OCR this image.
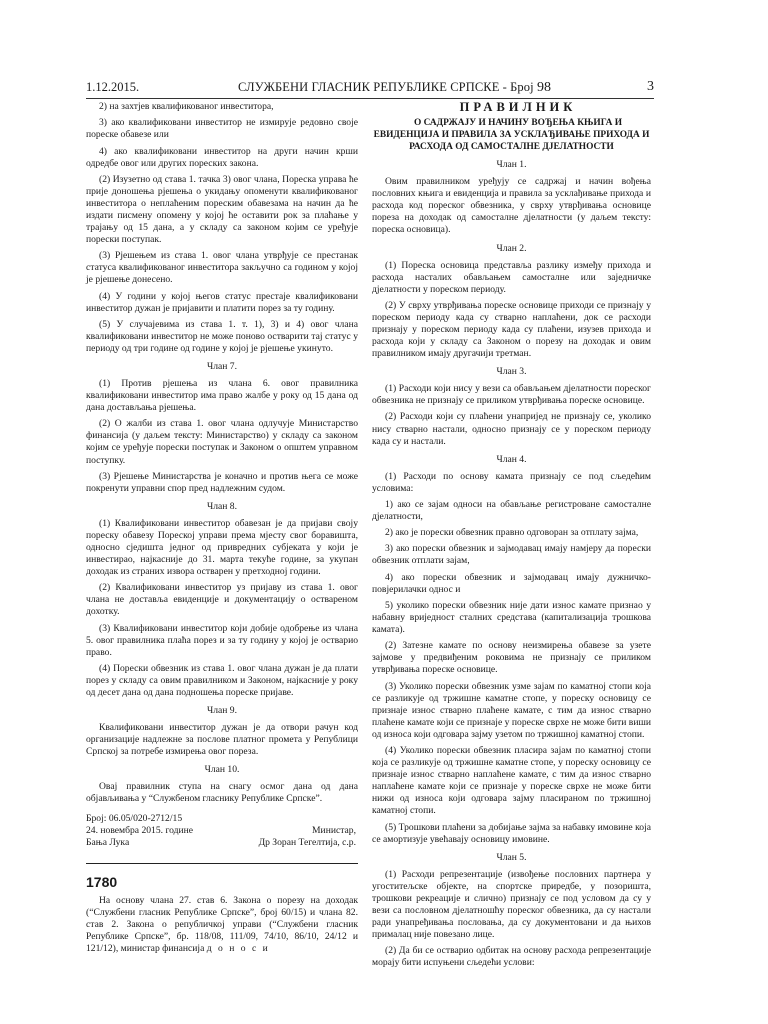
1.12.2015.	СЛУЖБЕНИ ГЛАСНИК РЕПУБЛИКЕ СРПСКЕ - Број 98	3

2) на захтјев квалификованог инвеститора,

3) ако квалификовани инвеститор не измирује редовно своје пореске обавезе или

4) ако квалификовани инвеститор на други начин крши одредбе овог или других пореских закона.

(2) Изузетно од става 1. тачка 3) овог члана, Пореска управа ће прије доношења рјешења о укидању опоменути квалификованог инвеститора о неплаћеним пореским обавезама на начин да ће издати писмену опомену у којој ће оставити рок за плаћање у трајању од 15 дана, а у складу са законом којим се уређује порески поступак.

(3) Рјешењем из става 1. овог члана утврђује се престанак статуса квалификованог инвеститора закључно са годином у којој је рјешење донесено.

(4) У години у којој његов статус престаје квалификовани инвеститор дужан је пријавити и платити порез за ту годину.

(5) У случајевима из става 1. т. 1), 3) и 4) овог члана квалификовани инвеститор не може поново остварити тај статус у периоду од три године од године у којој је рјешење укинуто.

Члан 7.

(1) Против рјешења из члана 6. овог правилника квалификовани инвеститор има право жалбе у року од 15 дана од дана достављања рјешења.

(2) О жалби из става 1. овог члана одлучује Министарство финансија (у даљем тексту: Министарство) у складу са законом којим се уређује порески поступак и Законом о општем управном поступку.

(3) Рјешење Министарства је коначно и против њега се може покренути управни спор пред надлежним судом.

Члан 8.

(1) Квалификовани инвеститор обавезан је да пријави своју пореску обавезу Пореској управи према мјесту свог боравишта, односно сједишта једног од привредних субјеката у који је инвестирао, најкасније до 31. марта текуће године, за укупан доходак из страних извора остварен у претходној години.

(2) Квалификовани инвеститор уз пријаву из става 1. овог члана не доставља евиденције и документацију о оствареном дохотку.

(3) Квалификовани инвеститор који добије одобрење из члана 5. овог правилника плаћа порез и за ту годину у којој је остварио право.

(4) Порески обвезник из става 1. овог члана дужан је да плати порез у складу са овим правилником и Законом, најкасније у року од десет дана од дана подношења пореске пријаве.

Члан 9.

Квалификовани инвеститор дужан је да отвори рачун код организације надлежне за послове платног промета у Републици Српској за потребе измирења овог пореза.

Члан 10.

Овај правилник ступа на снагу осмог дана од дана објављивања у “Службеном гласнику Републике Српске”.

Број: 06.05/020-2712/15
24. новембра 2015. године	Министар,
Бања Лука	Др Зоран Тегелтија, с.р.
1780

На основу члана 27. став 6. Закона о порезу на доходак (“Службени гласник Републике Српске”, број 60/15) и члана 82. став 2. Закона о републичкој управи (“Службени гласник Републике Српске”, бр. 118/08, 111/09, 74/10, 86/10, 24/12 и 121/12), министар финансија д о н о с и

ПРАВИЛНИК

О САДРЖАЈУ И НАЧИНУ ВОЂЕЊА КЊИГА И ЕВИДЕНЦИЈА И ПРАВИЛА ЗА УСКЛАЂИВАЊЕ ПРИХОДА И РАСХОДА ОД САМОСТАЛНЕ ДЈЕЛАТНОСТИ

Члан 1.

Овим правилником уређују се садржај и начин вођења пословних књига и евиденција и правила за усклађивање прихода и расхода код пореског обвезника, у сврху утврђивања основице пореза на доходак од самосталне дјелатности (у даљем тексту: пореска основица).

Члан 2.

(1) Пореска основица представља разлику између прихода и расхода насталих обављањем самосталне или заједничке дјелатности у пореском периоду.

(2) У сврху утврђивања пореске основице приходи се признају у пореском периоду када су стварно наплаћени, док се расходи признају у пореском периоду када су плаћени, изузев прихода и расхода који у складу са Законом о порезу на доходак и овим правилником имају другачији третман.

Члан 3.

(1) Расходи који нису у вези са обављањем дјелатности пореског обвезника не признају се приликом утврђивања пореске основице.

(2) Расходи који су плаћени унапријед не признају се, уколико нису стварно настали, односно признају се у пореском периоду када су и настали.

Члан 4.

(1) Расходи по основу камата признају се под сљедећим условима:

1) ако се зајам односи на обављање регистроване самосталне дјелатности,

2) ако је порески обвезник правно одговоран за отплату зајма,

3) ако порески обвезник и зајмодавац имају намјеру да порески обвезник отплати зајам,

4) ако порески обвезник и зајмодавац имају дужничко-повјерилачки однос и

5) уколико порески обвезник није дати износ камате признао у набавну вриједност сталних средстава (капитализација трошкова камата).

(2) Затезне камате по основу неизмирења обавезе за узете зајмове у предвиђеним роковима не признају се приликом утврђивања пореске основице.

(3) Уколико порески обвезник узме зајам по каматној стопи која се разликује од тржишне каматне стопе, у пореску основицу се признаје износ стварно плаћене камате, с тим да износ стварно плаћене камате који се признаје у пореске сврхе не може бити виши од износа који одговара зајму узетом по тржишној каматној стопи.

(4) Уколико порески обвезник пласира зајам по каматној стопи која се разликује од тржишне каматне стопе, у пореску основицу се признаје износ стварно наплаћене камате, с тим да износ стварно наплаћене камате који се признаје у пореске сврхе не може бити нижи од износа који одговара зајму пласираном по тржишној каматној стопи.

(5) Трошкови плаћени за добијање зајма за набавку имовине која се амортизује увећавају основицу имовине.

Члан 5.

(1) Расходи репрезентације (извођење пословних партнера у угоститељске објекте, на спортске приредбе, у позоришта, трошкови рекреације и слично) признају се под условом да су у вези са пословном дјелатношћу пореског обвезника, да су настали ради унапређивања пословања, да су документовани и да њихов прималац није повезано лице.

(2) Да би се остварио одбитак на основу расхода репрезентације морају бити испуњени сљедећи услови:
